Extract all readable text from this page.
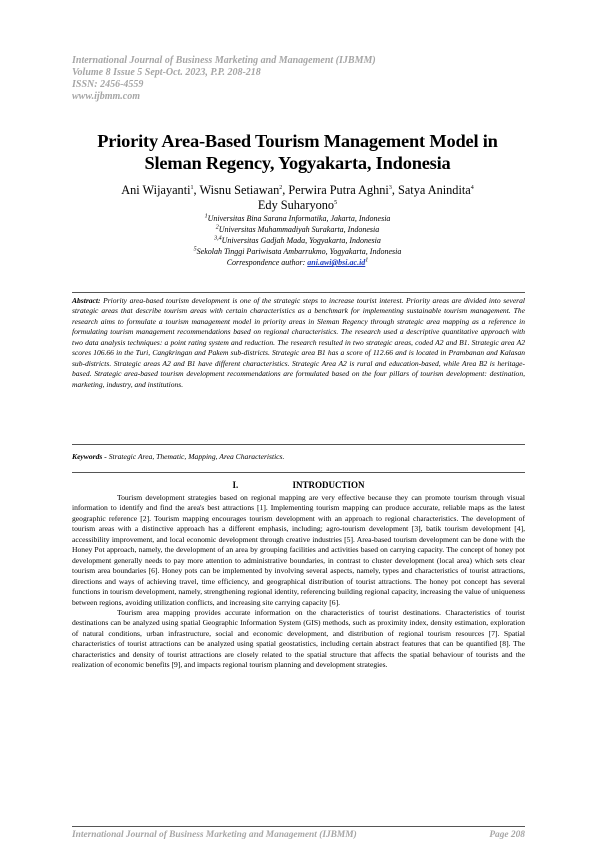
International Journal of Business Marketing and Management (IJBMM)
Volume 8 Issue 5 Sept-Oct. 2023, P.P. 208-218
ISSN: 2456-4559
www.ijbmm.com
Priority Area-Based Tourism Management Model in
Sleman Regency, Yogyakarta, Indonesia
Ani Wijayanti$^1$, Wisnu Setiawan$^2$, Perwira Putra Aghni$^3$, Satya Anindita$^4$
Edy Suharyono$^5$
$^1$Universitas Bina Sarana Informatika, Jakarta, Indonesia
$^2$Universitas Muhammadiyah Surakarta, Indonesia
$^{3,4}$Universitas Gadjah Mada, Yogyakarta, Indonesia
$^5$Sekolah Tinggi Pariwisata Ambarrukmo, Yogyakarta, Indonesia
Correspondence author: $ani.awi@bsi.ac.id^1$
Abstract: Priority area-based tourism development is one of the strategic steps to increase tourist interest. Priority areas are divided into several strategic areas that describe tourism areas with certain characteristics as a benchmark for implementing sustainable tourism management. The research aims to formulate a tourism management model in priority areas in Sleman Regency through strategic area mapping as a reference in formulating tourism management recommendations based on regional characteristics. The research used a descriptive quantitative approach with two data analysis techniques: a point rating system and reduction. The research resulted in two strategic areas, coded A2 and B1. Strategic area A2 scores 106.66 in the Turi, Cangkringan and Pakem sub-districts. Strategic area B1 has a score of 112.66 and is located in Prambanan and Kalasan sub-districts. Strategic areas A2 and B1 have different characteristics. Strategic Area A2 is rural and education-based, while Area B2 is heritage-based. Strategic area-based tourism development recommendations are formulated based on the four pillars of tourism development: destination, marketing, industry, and institutions.
Keywords - Strategic Area, Thematic, Mapping, Area Characteristics.
I.	INTRODUCTION

Tourism development strategies based on regional mapping are very effective because they can promote tourism through visual information to identify and find the area's best attractions [1]. Implementing tourism mapping can produce accurate, reliable maps as the latest geographic reference [2]. Tourism mapping encourages tourism development with an approach to regional characteristics. The development of tourism areas with a distinctive approach has a different emphasis, including; agro-tourism development [3], batik tourism development [4], accessibility improvement, and local economic development through creative industries [5]. Area-based tourism development can be done with the Honey Pot approach, namely, the development of an area by grouping facilities and activities based on carrying capacity. The concept of honey pot development generally needs to pay more attention to administrative boundaries, in contrast to cluster development (local area) which sets clear tourism area boundaries [6]. Honey pots can be implemented by involving several aspects, namely, types and characteristics of tourist attractions, directions and ways of achieving travel, time efficiency, and geographical distribution of tourist attractions. The honey pot concept has several functions in tourism development, namely, strengthening regional identity, referencing building regional capacity, increasing the value of uniqueness between regions, avoiding utilization conflicts, and increasing site carrying capacity [6].

Tourism area mapping provides accurate information on the characteristics of tourist destinations. Characteristics of tourist destinations can be analyzed using spatial Geographic Information System (GIS) methods, such as proximity index, density estimation, exploration of natural conditions, urban infrastructure, social and economic development, and distribution of regional tourism resources [7]. Spatial characteristics of tourist attractions can be analyzed using spatial geostatistics, including certain abstract features that can be quantified [8]. The characteristics and density of tourist attractions are closely related to the spatial structure that affects the spatial behaviour of tourists and the realization of economic benefits [9], and impacts regional tourism planning and development strategies.

International Journal of Business Marketing and Management (IJBMM)	Page 208
